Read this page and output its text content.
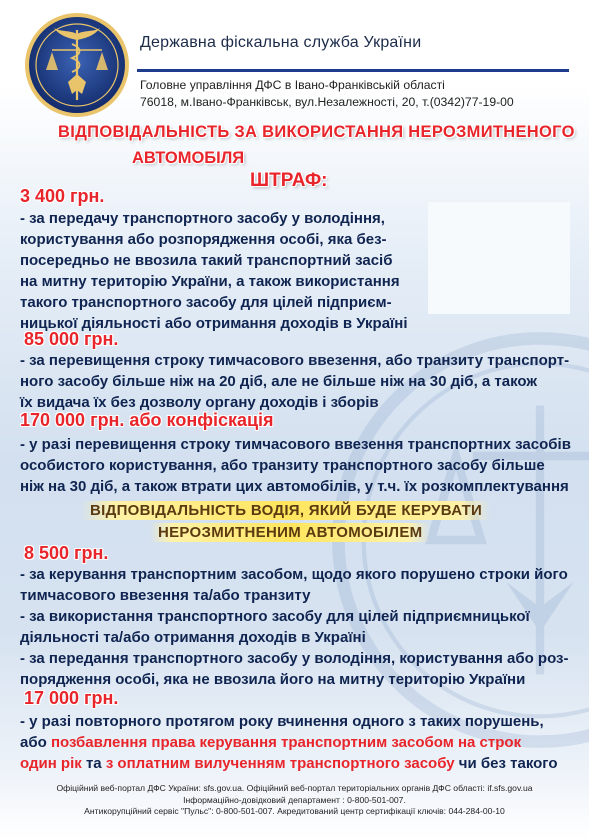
Державна фіскальна служба України
Головне управління ДФС в Івано-Франківській області
76018, м.Івано-Франківськ, вул.Незалежності, 20, т.(0342)77-19-00
ВІДПОВІДАЛЬНІСТЬ ЗА ВИКОРИСТАННЯ НЕРОЗМИТНЕНОГО
АВТОМОБІЛЯ
ШТРАФ:
3 400 грн.
- за передачу транспортного засобу у володіння,
користування або розпорядження особі, яка без-
посередньо не ввозила такий транспортний засіб
на митну територію України, а також використання
такого транспортного засобу для цілей підприєм-
ницької діяльності або отримання доходів в Україні
85 000 грн.
- за перевищення строку тимчасового ввезення, або транзиту транспорт-
ного засобу більше ніж на 20 діб, але не більше ніж на 30 діб, а також
їх видача їх без дозволу органу доходів і зборів
170 000 грн. або конфіскація
- у разі перевищення строку тимчасового ввезення транспортних засобів
особистого користування, або транзиту транспортного засобу більше
ніж на 30 діб, а також втрати цих автомобілів, у т.ч. їх розкомплектування
ВІДПОВІДАЛЬНІСТЬ ВОДІЯ, ЯКИЙ БУДЕ КЕРУВАТИ
НЕРОЗМИТНЕНИМ АВТОМОБІЛЕМ
8 500 грн.
- за керування транспортним засобом, щодо якого порушено строки його
тимчасового ввезення та/або транзиту
- за використання транспортного засобу для цілей підприємницької
діяльності та/або отримання доходів в Україні
- за передання транспортного засобу у володіння, користування або роз-
порядження особі, яка не ввозила його на митну територію України
17 000 грн.
- у разі повторного протягом року вчинення одного з таких порушень,
або позбавлення права керування транспортним засобом на строк
один рік та з оплатним вилученням транспортного засобу чи без такого
Офіційний веб-портал ДФС України: sfs.gov.ua. Офіційний веб-портал територіальних органів ДФС області: if.sfs.gov.ua
Інформаційно-довідковий департамент : 0-800-501-007.
Антикорупційний сервіс "Пульс": 0-800-501-007. Акредитований центр сертифікації ключів: 044-284-00-10
